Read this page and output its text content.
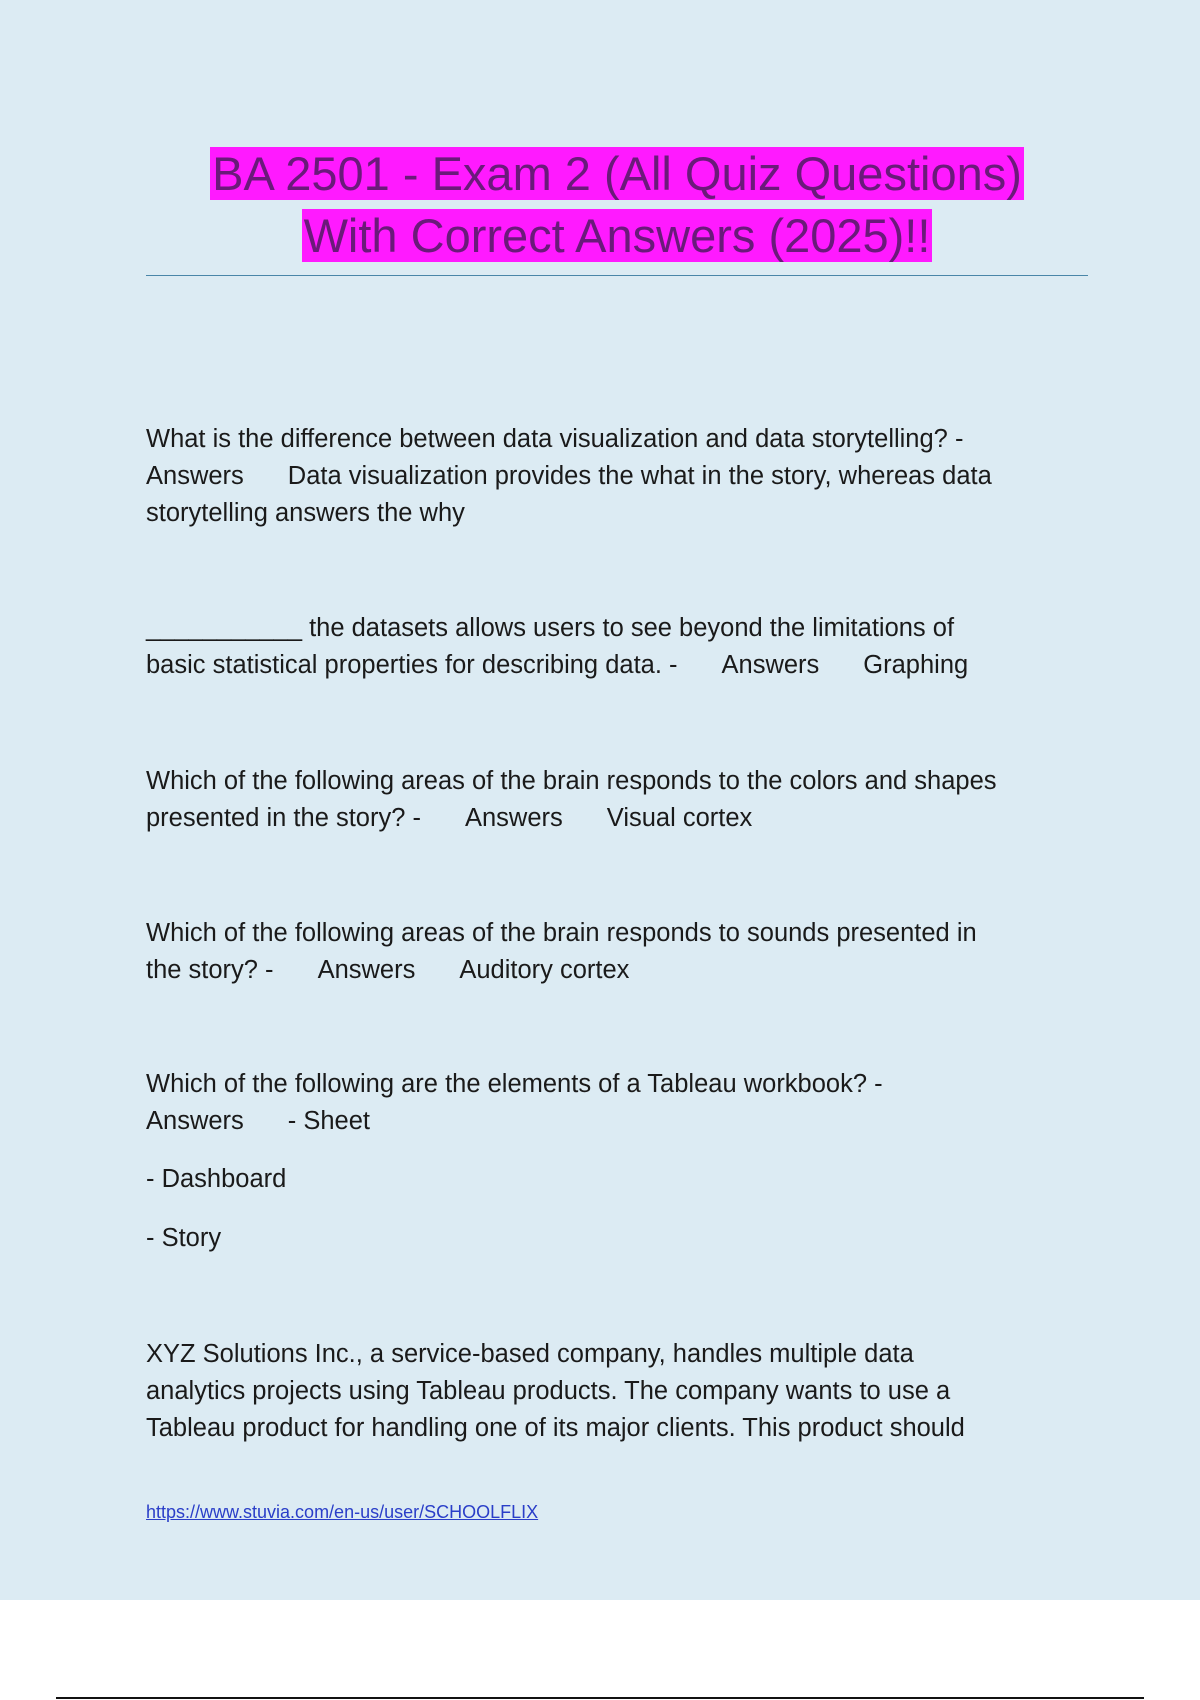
BA 2501 - Exam 2 (All Quiz Questions)
With Correct Answers (2025)!!
What is the difference between data visualization and data storytelling? -
Answers Data visualization provides the what in the story, whereas data
storytelling answers the why
___________ the datasets allows users to see beyond the limitations of
basic statistical properties for describing data. - Answers Graphing
Which of the following areas of the brain responds to the colors and shapes
presented in the story? - Answers Visual cortex
Which of the following areas of the brain responds to sounds presented in
the story? - Answers Auditory cortex
Which of the following are the elements of a Tableau workbook? -
Answers - Sheet
- Dashboard
- Story
XYZ Solutions Inc., a service-based company, handles multiple data
analytics projects using Tableau products. The company wants to use a
Tableau product for handling one of its major clients. This product should
https://www.stuvia.com/en-us/user/SCHOOLFLIX
